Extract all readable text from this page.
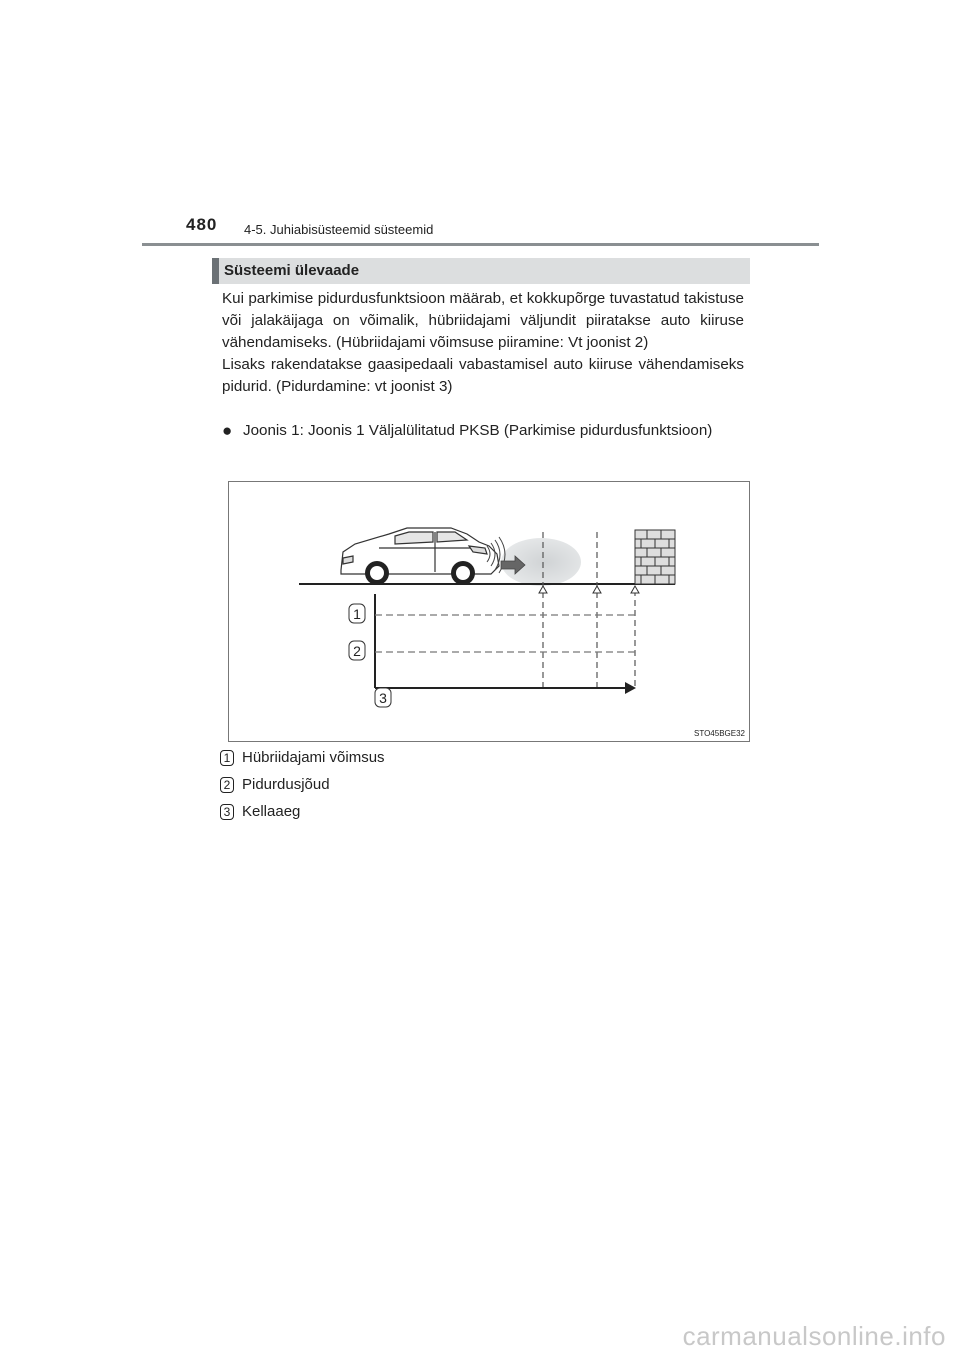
480 4-5. Juhiabisüsteemid süsteemid
Süsteemi ülevaade

Kui parkimise pidurdusfunktsioon määrab, et kokkupõrge tuvastatud takistuse või jalakäijaga on võimalik, hübriidajami väljundit piiratakse auto kiiruse vähendamiseks. (Hübriidajami võimsuse piiramine: Vt joonist 2)

Lisaks rakendatakse gaasipedaali vabastamisel auto kiiruse vähendamiseks pidurid. (Pidurdamine: vt joonist 3)

● Joonis 1: Joonis 1 Väljalülitatud PKSB (Parkimise pidurdusfunktsioon)
1
2
3
STO45BGE32
1 Hübriidajami võimsus
2 Pidurdusjõud
3 Kellaaeg
carmanualsonline.info
